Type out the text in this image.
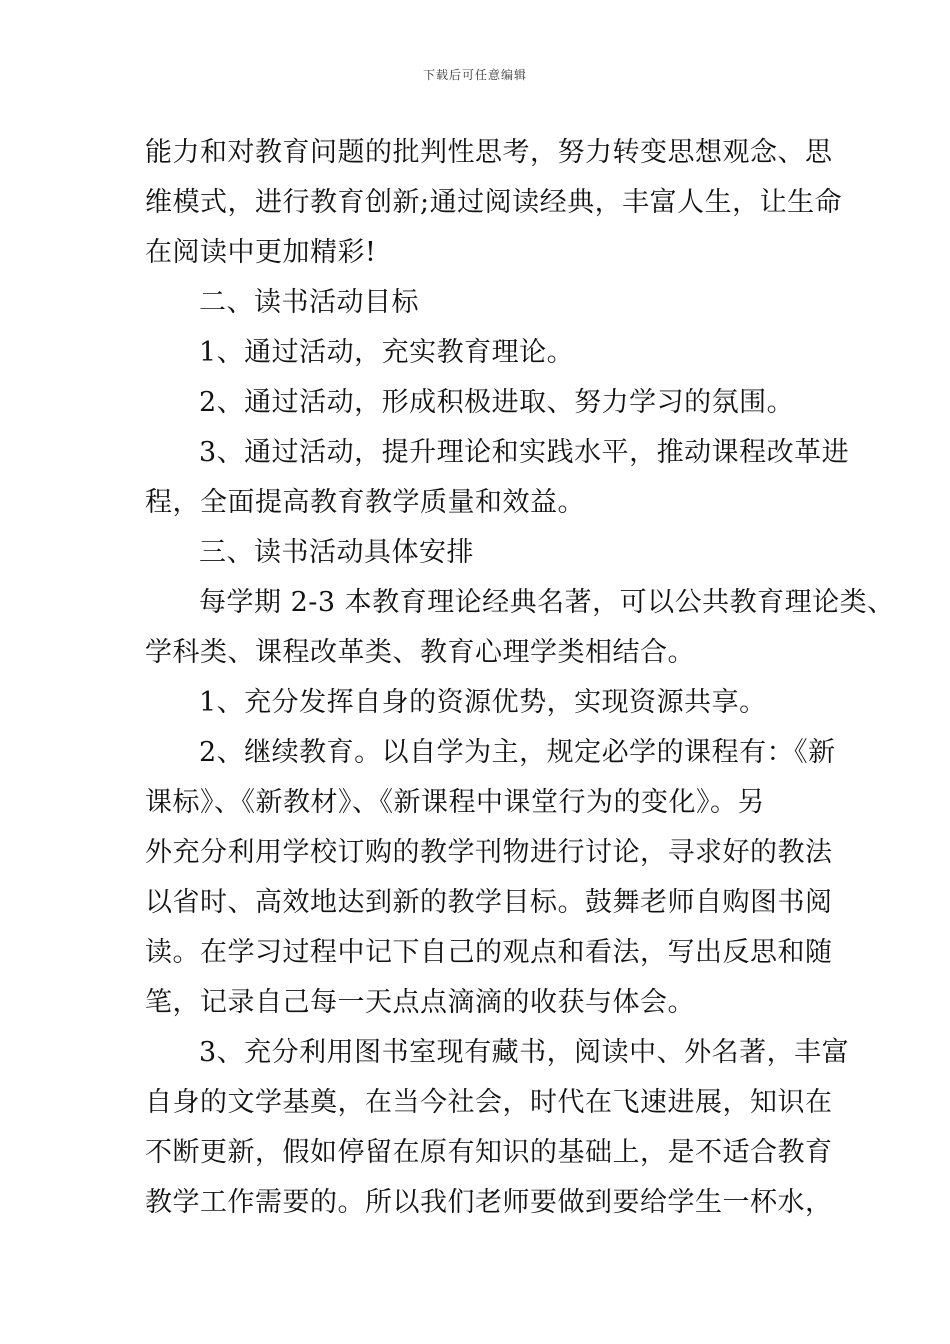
下载后可任意编辑
能力和对教育问题的批判性思考，努力转变思想观念、思
维模式，进行教育创新;通过阅读经典，丰富人生，让生命
在阅读中更加精彩!
二、读书活动目标
1、通过活动，充实教育理论。
2、通过活动，形成积极进取、努力学习的氛围。
3、通过活动，提升理论和实践水平，推动课程改革进
程，全面提高教育教学质量和效益。
三、读书活动具体安排
每学期 2-3 本教育理论经典名著，可以公共教育理论类、
学科类、课程改革类、教育心理学类相结合。
1、充分发挥自身的资源优势，实现资源共享。
2、继续教育。以自学为主，规定必学的课程有：《新
课标》、《新教材》、《新课程中课堂行为的变化》。另
外充分利用学校订购的教学刊物进行讨论，寻求好的教法
以省时、高效地达到新的教学目标。鼓舞老师自购图书阅
读。在学习过程中记下自己的观点和看法，写出反思和随
笔，记录自己每一天点点滴滴的收获与体会。
3、充分利用图书室现有藏书，阅读中、外名著，丰富
自身的文学基奠，在当今社会，时代在飞速进展，知识在
不断更新，假如停留在原有知识的基础上，是不适合教育
教学工作需要的。所以我们老师要做到要给学生一杯水，
